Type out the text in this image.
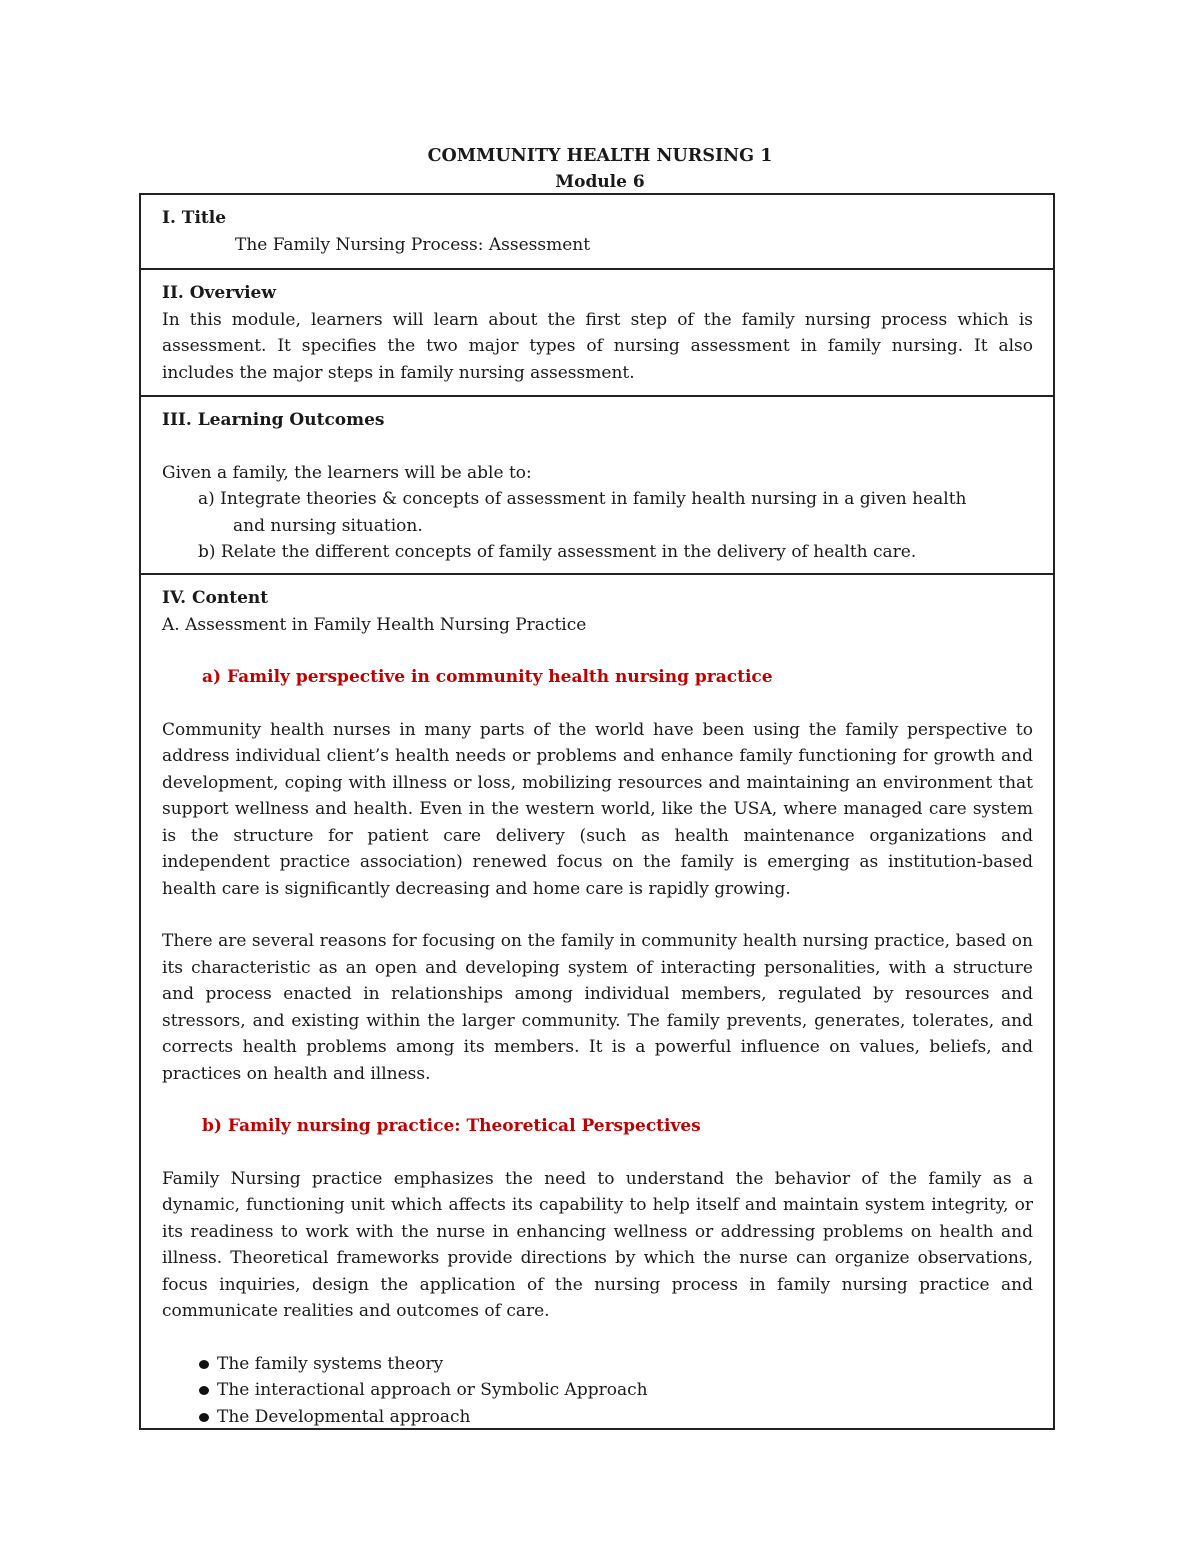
COMMUNITY HEALTH NURSING 1
Module 6
I. Title
The Family Nursing Process: Assessment
II. Overview

In this module, learners will learn about the first step of the family nursing process which is assessment. It specifies the two major types of nursing assessment in family nursing. It also includes the major steps in family nursing assessment.

III. Learning Outcomes
Given a family, the learners will be able to:
a) Integrate theories & concepts of assessment in family health nursing in a given health
and nursing situation.
b) Relate the different concepts of family assessment in the delivery of health care.
IV. Content
A. Assessment in Family Health Nursing Practice
a) Family perspective in community health nursing practice

Community health nurses in many parts of the world have been using the family perspective to address individual client’s health needs or problems and enhance family functioning for growth and development, coping with illness or loss, mobilizing resources and maintaining an environment that support wellness and health. Even in the western world, like the USA, where managed care system is the structure for patient care delivery (such as health maintenance organizations and independent practice association) renewed focus on the family is emerging as institution-based health care is significantly decreasing and home care is rapidly growing.

There are several reasons for focusing on the family in community health nursing practice, based on its characteristic as an open and developing system of interacting personalities, with a structure and process enacted in relationships among individual members, regulated by resources and stressors, and existing within the larger community. The family prevents, generates, tolerates, and corrects health problems among its members. It is a powerful influence on values, beliefs, and practices on health and illness.

b) Family nursing practice: Theoretical Perspectives

Family Nursing practice emphasizes the need to understand the behavior of the family as a dynamic, functioning unit which affects its capability to help itself and maintain system integrity, or its readiness to work with the nurse in enhancing wellness or addressing problems on health and illness. Theoretical frameworks provide directions by which the nurse can organize observations, focus inquiries, design the application of the nursing process in family nursing practice and communicate realities and outcomes of care.

The family systems theory
The interactional approach or Symbolic Approach
The Developmental approach
